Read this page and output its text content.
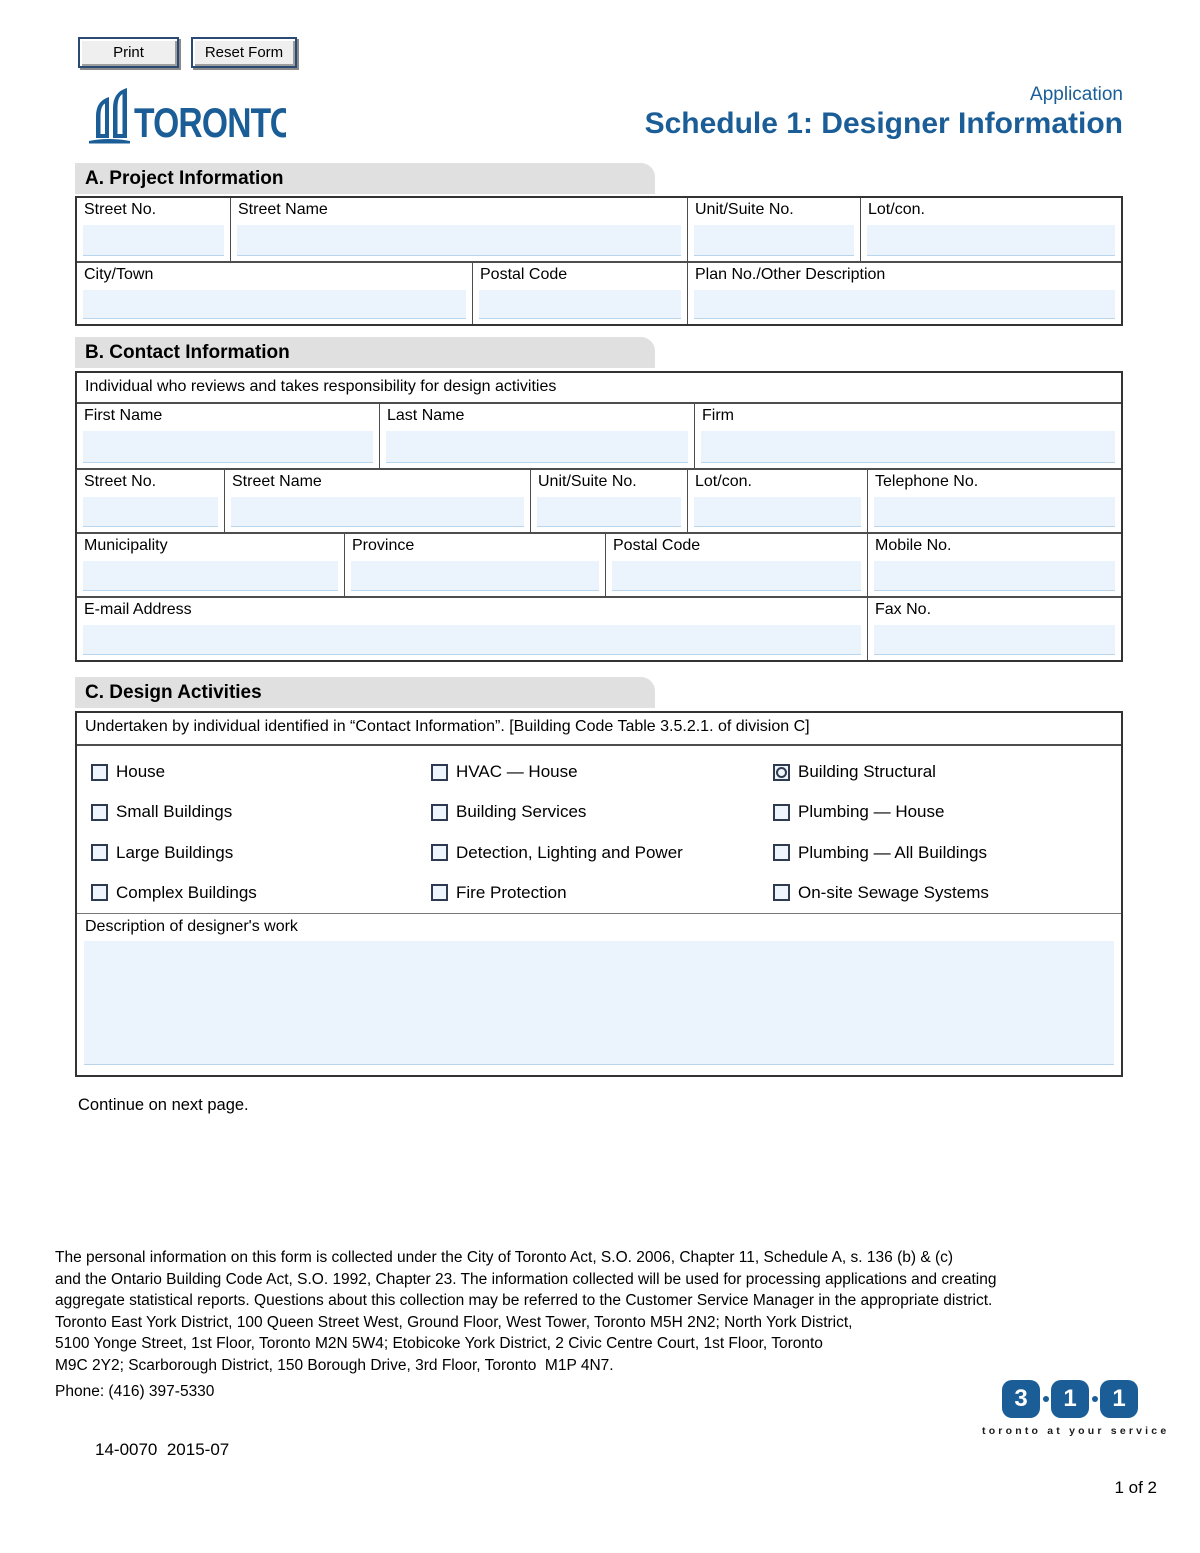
Print	Reset Form
TORONTO
Application
Schedule 1: Designer Information
A. Project Information
Street No.	Street Name	Unit/Suite No.	Lot/con.
City/Town	Postal Code	Plan No./Other Description
B. Contact Information
Individual who reviews and takes responsibility for design activities
First Name	Last Name	Firm
Street No.	Street Name	Unit/Suite No.	Lot/con.	Telephone No.
Municipality	Province	Postal Code	Mobile No.
E-mail Address	Fax No.
C. Design Activities
Undertaken by individual identified in “Contact Information”. [Building Code Table 3.5.2.1. of division C]
House	HVAC — House	Building Structural
Small Buildings	Building Services	Plumbing — House
Large Buildings	Detection, Lighting and Power	Plumbing — All Buildings
Complex Buildings	Fire Protection	On-site Sewage Systems
Description of designer's work
Continue on next page.
The personal information on this form is collected under the City of Toronto Act, S.O. 2006, Chapter 11, Schedule A, s. 136 (b) & (c)
and the Ontario Building Code Act, S.O. 1992, Chapter 23. The information collected will be used for processing applications and creating
aggregate statistical reports. Questions about this collection may be referred to the Customer Service Manager in the appropriate district.
Toronto East York District, 100 Queen Street West, Ground Floor, West Tower, Toronto M5H 2N2; North York District,
5100 Yonge Street, 1st Floor, Toronto M2N 5W4; Etobicoke York District, 2 Civic Centre Court, 1st Floor, Toronto
M9C 2Y2; Scarborough District, 150 Borough Drive, 3rd Floor, Toronto  M1P 4N7.
Phone: (416) 397-5330	3	1	1
toronto at your service
14-0070  2015-07
1 of 2
